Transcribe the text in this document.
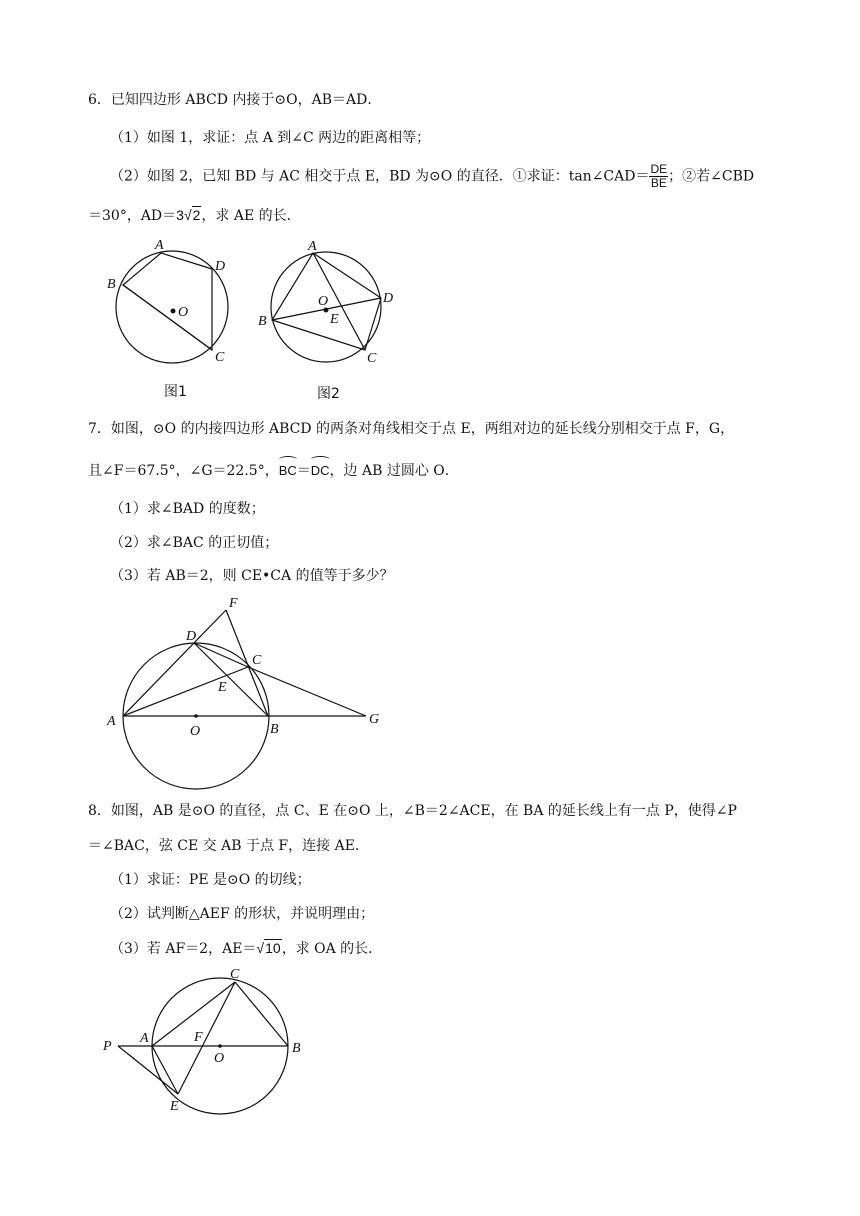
6．已知四边形 ABCD 内接于⊙O，AB＝AD．
（1）如图 1，求证：点 A 到∠C 两边的距离相等；
（2）如图 2，已知 BD 与 AC 相交于点 E，BD 为⊙O 的直径．①求证：tan∠CAD＝ $\frac{DE}{BE}$ ；②若∠CBD
＝30°，AD＝3√2，求 AE 的长．
A
B
C
D
O
图1
A
B
C
D
O
E
图2
7．如图，⊙O 的内接四边形 ABCD 的两条对角线相交于点 E，两组对边的延长线分别相交于点 F，G，
且∠F＝67.5°，∠G＝22.5°，BC＝DC，边 AB 过圆心 O．
（1）求∠BAD 的度数；
（2）求∠BAC 的正切值；
（3）若 AB＝2，则 CE•CA 的值等于多少？
A
B
C
D
E
F
G
O
8．如图，AB 是⊙O 的直径，点 C、E 在⊙O 上，∠B＝2∠ACE，在 BA 的延长线上有一点 P，使得∠P
＝∠BAC，弦 CE 交 AB 于点 F，连接 AE．
（1）求证：PE 是⊙O 的切线；
（2）试判断△AEF 的形状，并说明理由；
（3）若 AF＝2，AE＝√10，求 OA 的长．
P
A
B
C
E
F
O
